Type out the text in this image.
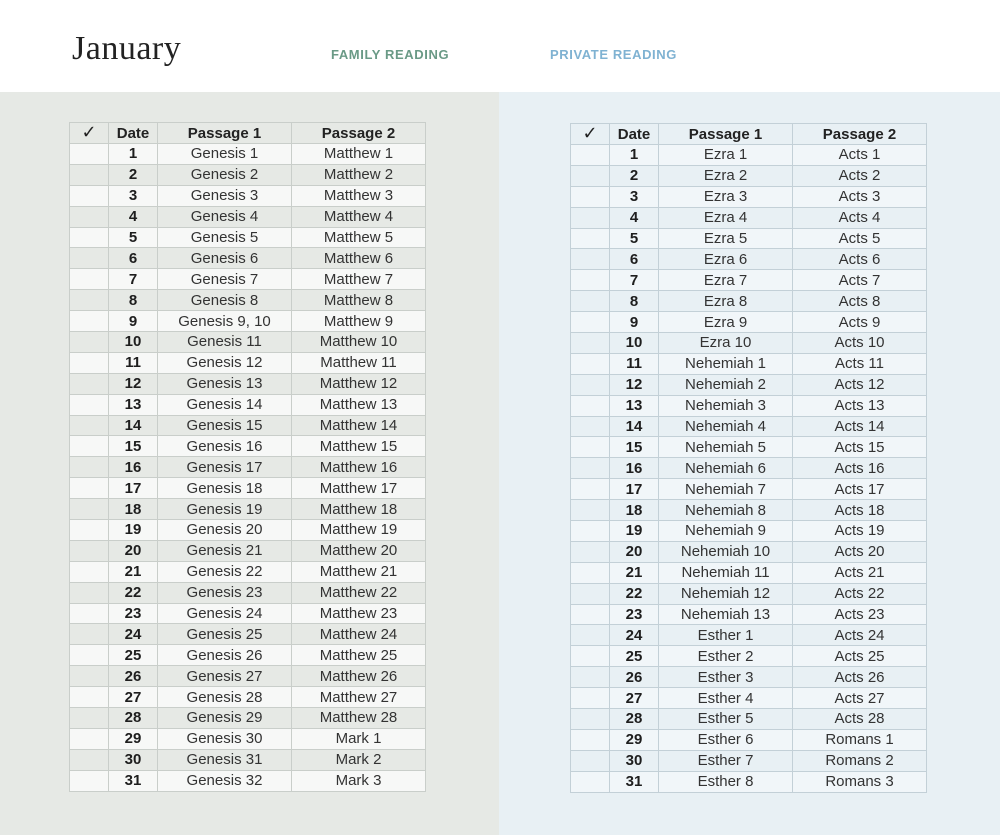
January	FAMILY READING	PRIVATE READING
✓	Date	Passage 1	Passage 2
	1	Genesis 1	Matthew 1
	2	Genesis 2	Matthew 2
	3	Genesis 3	Matthew 3
	4	Genesis 4	Matthew 4
	5	Genesis 5	Matthew 5
	6	Genesis 6	Matthew 6
	7	Genesis 7	Matthew 7
	8	Genesis 8	Matthew 8
	9	Genesis 9, 10	Matthew 9
	10	Genesis 11	Matthew 10
	11	Genesis 12	Matthew 11
	12	Genesis 13	Matthew 12
	13	Genesis 14	Matthew 13
	14	Genesis 15	Matthew 14
	15	Genesis 16	Matthew 15
	16	Genesis 17	Matthew 16
	17	Genesis 18	Matthew 17
	18	Genesis 19	Matthew 18
	19	Genesis 20	Matthew 19
	20	Genesis 21	Matthew 20
	21	Genesis 22	Matthew 21
	22	Genesis 23	Matthew 22
	23	Genesis 24	Matthew 23
	24	Genesis 25	Matthew 24
	25	Genesis 26	Matthew 25
	26	Genesis 27	Matthew 26
	27	Genesis 28	Matthew 27
	28	Genesis 29	Matthew 28
	29	Genesis 30	Mark 1
	30	Genesis 31	Mark 2
	31	Genesis 32	Mark 3
✓	Date	Passage 1	Passage 2
	1	Ezra 1	Acts 1
	2	Ezra 2	Acts 2
	3	Ezra 3	Acts 3
	4	Ezra 4	Acts 4
	5	Ezra 5	Acts 5
	6	Ezra 6	Acts 6
	7	Ezra 7	Acts 7
	8	Ezra 8	Acts 8
	9	Ezra 9	Acts 9
	10	Ezra 10	Acts 10
	11	Nehemiah 1	Acts 11
	12	Nehemiah 2	Acts 12
	13	Nehemiah 3	Acts 13
	14	Nehemiah 4	Acts 14
	15	Nehemiah 5	Acts 15
	16	Nehemiah 6	Acts 16
	17	Nehemiah 7	Acts 17
	18	Nehemiah 8	Acts 18
	19	Nehemiah 9	Acts 19
	20	Nehemiah 10	Acts 20
	21	Nehemiah 11	Acts 21
	22	Nehemiah 12	Acts 22
	23	Nehemiah 13	Acts 23
	24	Esther 1	Acts 24
	25	Esther 2	Acts 25
	26	Esther 3	Acts 26
	27	Esther 4	Acts 27
	28	Esther 5	Acts 28
	29	Esther 6	Romans 1
	30	Esther 7	Romans 2
	31	Esther 8	Romans 3
